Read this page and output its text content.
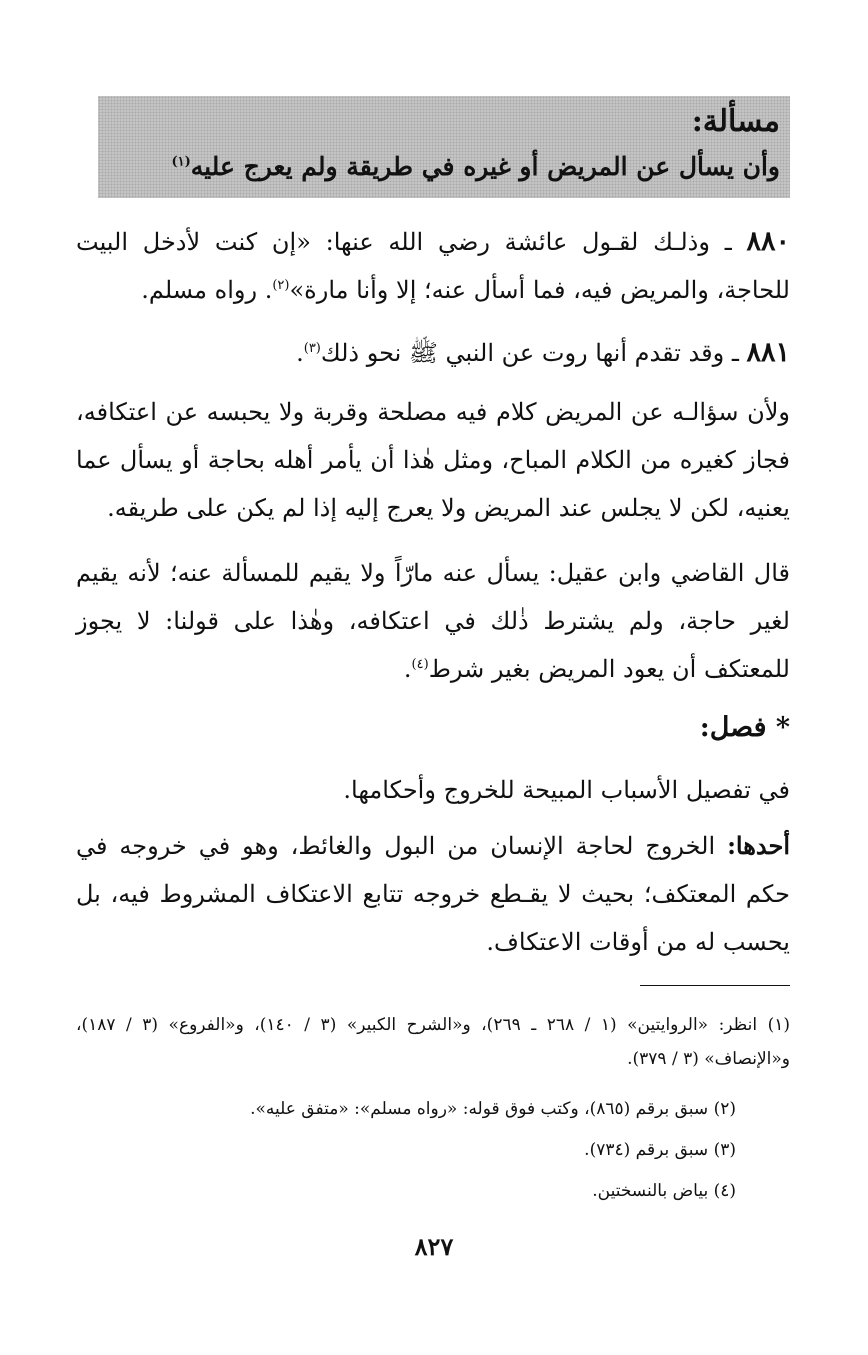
مسألة:
وأن يسأل عن المريض أو غيره في طريقة ولم يعرج عليه$^{(١)}$
٨٨٠ ـ وذلـك لقـول عائشة رضي الله عنها: «إن كنت لأدخل البيت للحاجة، والمريض فيه، فما أسأل عنه؛ إلا وأنا مارة»$^{(٢)}$. رواه مسلم.
٨٨١ ـ وقد تقدم أنها روت عن النبي ﷺ نحو ذلك$^{(٣)}$.
ولأن سؤالـه عن المريض كلام فيه مصلحة وقربة ولا يحبسه عن اعتكافه، فجاز كغيره من الكلام المباح، ومثل هٰذا أن يأمر أهله بحاجة أو يسأل عما يعنيه، لكن لا يجلس عند المريض ولا يعرج إليه إذا لم يكن على طريقه.
قال القاضي وابن عقيل: يسأل عنه مارّاً ولا يقيم للمسألة عنه؛ لأنه يقيم لغير حاجة، ولم يشترط ذٰلك في اعتكافه، وهٰذا على قولنا: لا يجوز للمعتكف أن يعود المريض بغير شرط$^{(٤)}$.
* فصل:
في تفصيل الأسباب المبيحة للخروج وأحكامها.
أحدها: الخروج لحاجة الإنسان من البول والغائط، وهو في خروجه في حكم المعتكف؛ بحيث لا يقـطع خروجه تتابع الاعتكاف المشروط فيه، بل يحسب له من أوقات الاعتكاف.
(١) انظر: «الروايتين» (١ / ٢٦٨ ـ ٢٦٩)، و«الشرح الكبير» (٣ / ١٤٠)، و«الفروع» (٣ / ١٨٧)، و«الإنصاف» (٣ / ٣٧٩).
(٢) سبق برقم (٨٦٥)، وكتب فوق قوله: «رواه مسلم»: «متفق عليه».
(٣) سبق برقم (٧٣٤).
(٤) بياض بالنسختين.
٨٢٧
